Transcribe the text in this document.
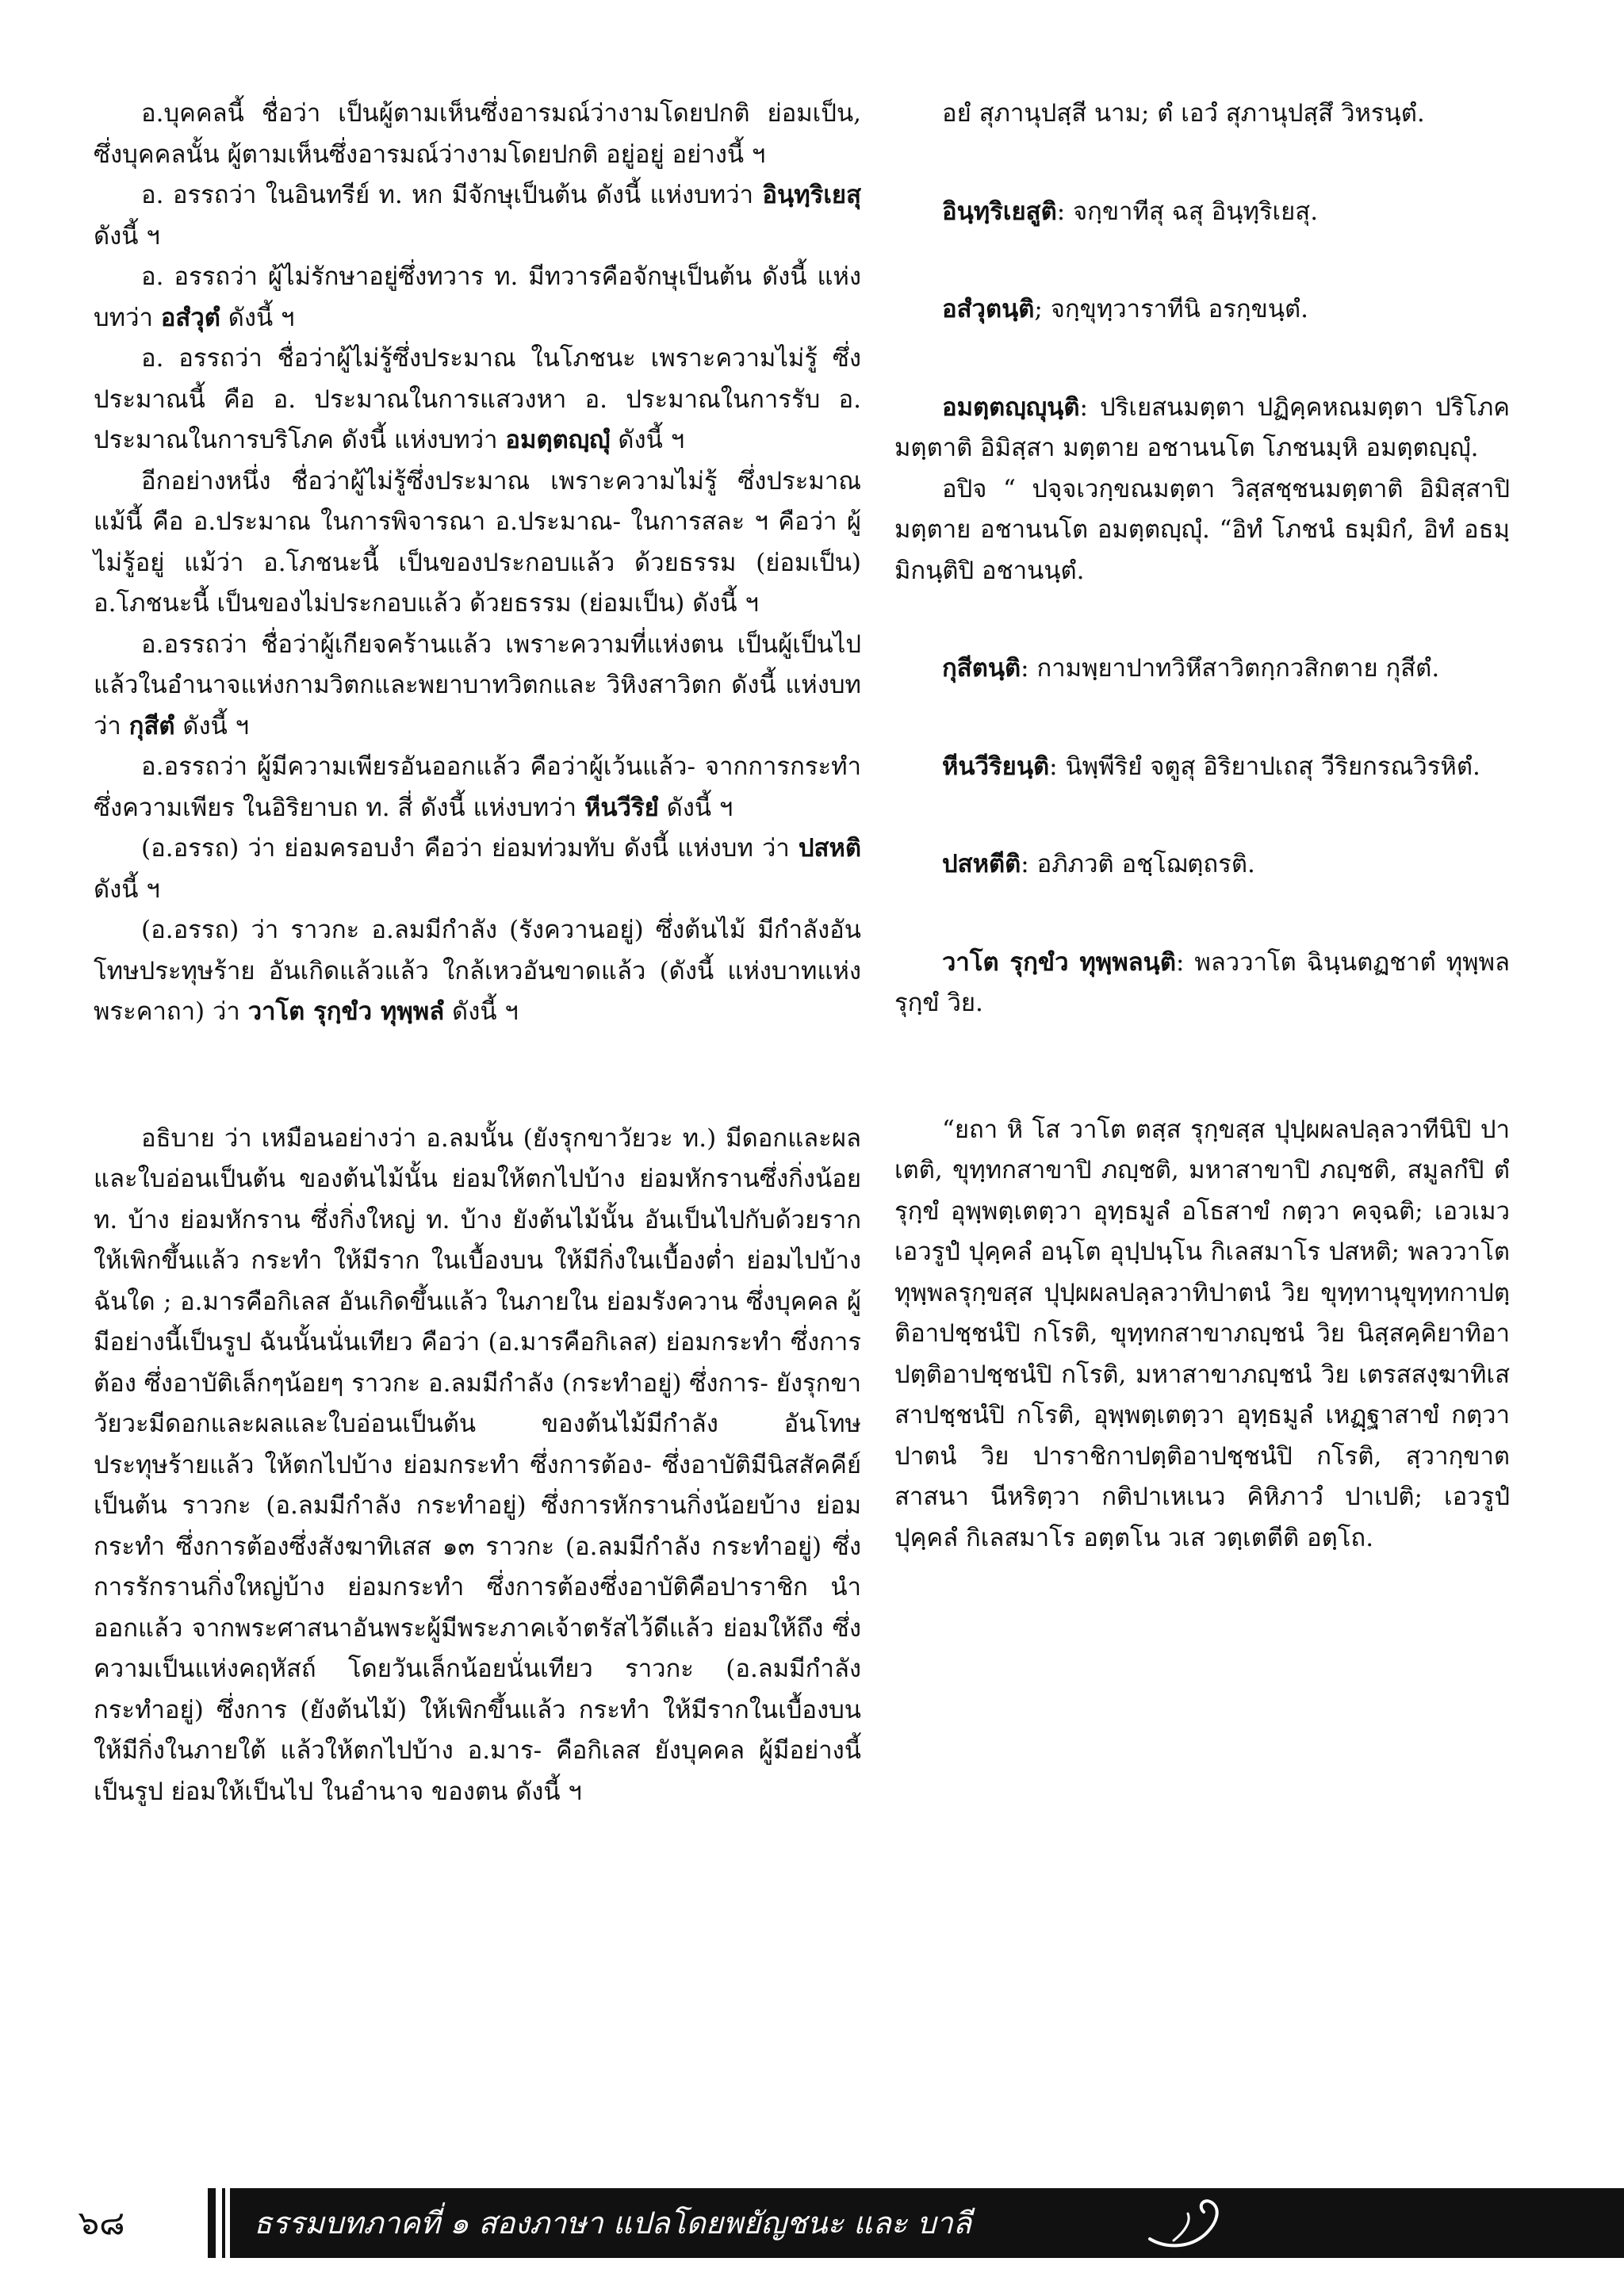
อ.บุคคลนี้ ชื่อว่า เป็นผู้ตามเห็นซึ่งอารมณ์ว่างามโดยปกติ ย่อมเป็น, ซึ่งบุคคลนั้น ผู้ตามเห็นซึ่งอารมณ์ว่างามโดยปกติ อยู่อยู่ อย่างนี้ ฯ

อ. อรรถว่า ในอินทรีย์ ท. หก มีจักษุเป็นต้น ดังนี้ แห่งบทว่า อินฺทฺริเยสุ ดังนี้ ฯ

อ. อรรถว่า ผู้ไม่รักษาอยู่ซึ่งทวาร ท. มีทวารคือจักษุเป็นต้น ดังนี้ แห่งบทว่า อสํวุตํ ดังนี้ ฯ

อ. อรรถว่า ชื่อว่าผู้ไม่รู้ซึ่งประมาณ ในโภชนะ เพราะความไม่รู้ ซึ่งประมาณนี้ คือ อ. ประมาณในการแสวงหา อ. ประมาณในการรับ อ. ประมาณในการบริโภค ดังนี้ แห่งบทว่า อมตฺตญฺญุํ ดังนี้ ฯ

อีกอย่างหนึ่ง ชื่อว่าผู้ไม่รู้ซึ่งประมาณ เพราะความไม่รู้ ซึ่งประมาณ แม้นี้ คือ อ.ประมาณ ในการพิจารณา อ.ประมาณ- ในการสละ ฯ คือว่า ผู้ไม่รู้อยู่ แม้ว่า อ.โภชนะนี้ เป็นของประกอบแล้ว ด้วยธรรม (ย่อมเป็น) อ.โภชนะนี้ เป็นของไม่ประกอบแล้ว ด้วยธรรม (ย่อมเป็น) ดังนี้ ฯ

อ.อรรถว่า ชื่อว่าผู้เกียจคร้านแล้ว เพราะความที่แห่งตน เป็นผู้เป็นไปแล้วในอำนาจแห่งกามวิตกและพยาบาทวิตกและ วิหิงสาวิตก ดังนี้ แห่งบทว่า กุสีตํ ดังนี้ ฯ

อ.อรรถว่า ผู้มีความเพียรอันออกแล้ว คือว่าผู้เว้นแล้ว- จากการกระทำซึ่งความเพียร ในอิริยาบถ ท. สี่ ดังนี้ แห่งบทว่า หีนวีริยํ ดังนี้ ฯ

(อ.อรรถ) ว่า ย่อมครอบงำ คือว่า ย่อมท่วมทับ ดังนี้ แห่งบท ว่า ปสหติ ดังนี้ ฯ

(อ.อรรถ) ว่า ราวกะ อ.ลมมีกำลัง (รังควานอยู่) ซึ่งต้นไม้ มีกำลังอันโทษประทุษร้าย อันเกิดแล้วแล้ว ใกล้เหวอันขาดแล้ว (ดังนี้ แห่งบาทแห่งพระคาถา) ว่า วาโต รุกฺขํว ทุพฺพลํ ดังนี้ ฯ

อธิบาย ว่า เหมือนอย่างว่า อ.ลมนั้น (ยังรุกขาวัยวะ ท.) มีดอกและผลและใบอ่อนเป็นต้น ของต้นไม้นั้น ย่อมให้ตกไปบ้าง ย่อมหักรานซึ่งกิ่งน้อย ท. บ้าง ย่อมหักราน ซึ่งกิ่งใหญ่ ท. บ้าง ยังต้นไม้นั้น อันเป็นไปกับด้วยราก ให้เพิกขึ้นแล้ว กระทำ ให้มีราก ในเบื้องบน ให้มีกิ่งในเบื้องต่ำ ย่อมไปบ้าง ฉันใด ; อ.มารคือกิเลส อันเกิดขึ้นแล้ว ในภายใน ย่อมรังควาน ซึ่งบุคคล ผู้มีอย่างนี้เป็นรูป ฉันนั้นนั่นเทียว คือว่า (อ.มารคือกิเลส) ย่อมกระทำ ซึ่งการต้อง ซึ่งอาบัติเล็กๆน้อยๆ ราวกะ อ.ลมมีกำลัง (กระทำอยู่) ซึ่งการ- ยังรุกขาวัยวะมีดอกและผลและใบอ่อนเป็นต้น ของต้นไม้มีกำลัง อันโทษประทุษร้ายแล้ว ให้ตกไปบ้าง ย่อมกระทำ ซึ่งการต้อง- ซึ่งอาบัติมีนิสสัคคีย์เป็นต้น ราวกะ (อ.ลมมีกำลัง กระทำอยู่) ซึ่งการหักรานกิ่งน้อยบ้าง ย่อมกระทำ ซึ่งการต้องซึ่งสังฆาทิเสส ๑๓ ราวกะ (อ.ลมมีกำลัง กระทำอยู่) ซึ่งการรักรานกิ่งใหญ่บ้าง ย่อมกระทำ ซึ่งการต้องซึ่งอาบัติคือปาราชิก นำออกแล้ว จากพระศาสนาอันพระผู้มีพระภาคเจ้าตรัสไว้ดีแล้ว ย่อมให้ถึง ซึ่งความเป็นแห่งคฤหัสถ์ โดยวันเล็กน้อยนั่นเทียว ราวกะ (อ.ลมมีกำลัง กระทำอยู่) ซึ่งการ (ยังต้นไม้) ให้เพิกขึ้นแล้ว กระทำ ให้มีรากในเบื้องบน ให้มีกิ่งในภายใต้ แล้วให้ตกไปบ้าง อ.มาร- คือกิเลส ยังบุคคล ผู้มีอย่างนี้เป็นรูป ย่อมให้เป็นไป ในอำนาจ ของตน ดังนี้ ฯ

อยํ สุภานุปสฺสี นาม; ตํ เอวํ สุภานุปสฺสึ วิหรนฺตํ.

อินฺทฺริเยสูติ: จกฺขาทีสุ ฉสุ อินฺทฺริเยสุ.

อสํวุตนฺติ; จกฺขุทฺวาราทีนิ อรกฺขนฺตํ.

อมตฺตญฺญุนฺติ: ปริเยสนมตฺตา ปฏิคฺคหณมตฺตา ปริโภคมตฺตาติ อิมิสฺสา มตฺตาย อชานนโต โภชนมฺหิ อมตฺตญฺญุํ.

อปิจ “ ปจฺจเวกฺขณมตฺตา วิสฺสชฺชนมตฺตาติ อิมิสฺสาปิ มตฺตาย อชานนโต อมตฺตญฺญุํ. “อิทํ โภชนํ ธมฺมิกํ, อิทํ อธมฺมิกนฺติปิ อชานนฺตํ.

กุสีตนฺติ: กามพฺยาปาทวิหึสาวิตกฺกวสิกตาย กุสีตํ.

หีนวีริยนฺติ: นิพฺพีริยํ จตูสุ อิริยาปเถสุ วีริยกรณวิรหิตํ.

ปสหตีติ: อภิภวติ อชฺโฌตฺถรติ.

วาโต รุกฺขํว ทุพฺพลนฺติ: พลววาโต ฉินฺนตฏชาตํ ทุพฺพลรุกฺขํ วิย.

“ยถา หิ โส วาโต ตสฺส รุกฺขสฺส ปุปฺผผลปลฺลวาทีนิปิ ปาเตติ, ขุทฺทกสาขาปิ ภญฺชติ, มหาสาขาปิ ภญฺชติ, สมูลกํปิ ตํ รุกฺขํ อุพฺพตฺเตตฺวา อุทฺธมูลํ อโธสาขํ กตฺวา คจฺฉติ; เอวเมว เอวรูปํ ปุคฺคลํ อนฺโต อุปฺปนฺโน กิเลสมาโร ปสหติ; พลววาโต ทุพฺพลรุกฺขสฺส ปุปฺผผลปลฺลวาทิปาตนํ วิย ขุทฺทานุขุทฺทกาปตฺติอาปชฺชนํปิ กโรติ, ขุทฺทกสาขาภญฺชนํ วิย นิสฺสคฺคิยาทิอาปตฺติอาปชฺชนํปิ กโรติ, มหาสาขาภญฺชนํ วิย เตรสสงฺฆาทิเสสาปชฺชนํปิ กโรติ, อุพฺพตฺเตตฺวา อุทฺธมูลํ เหฏฺฐาสาขํ กตฺวา ปาตนํ วิย ปาราชิกาปตฺติอาปชฺชนํปิ กโรติ, สฺวากฺขาตสาสนา นีหริตฺวา กติปาเหเนว คิหิภาวํ ปาเปติ; เอวรูปํ ปุคฺคลํ กิเลสมาโร อตฺตโน วเส วตฺเตตีติ อตฺโถ.

๖๘	ธรรมบทภาคที่ ๑ สองภาษา แปลโดยพยัญชนะ และ บาลี
